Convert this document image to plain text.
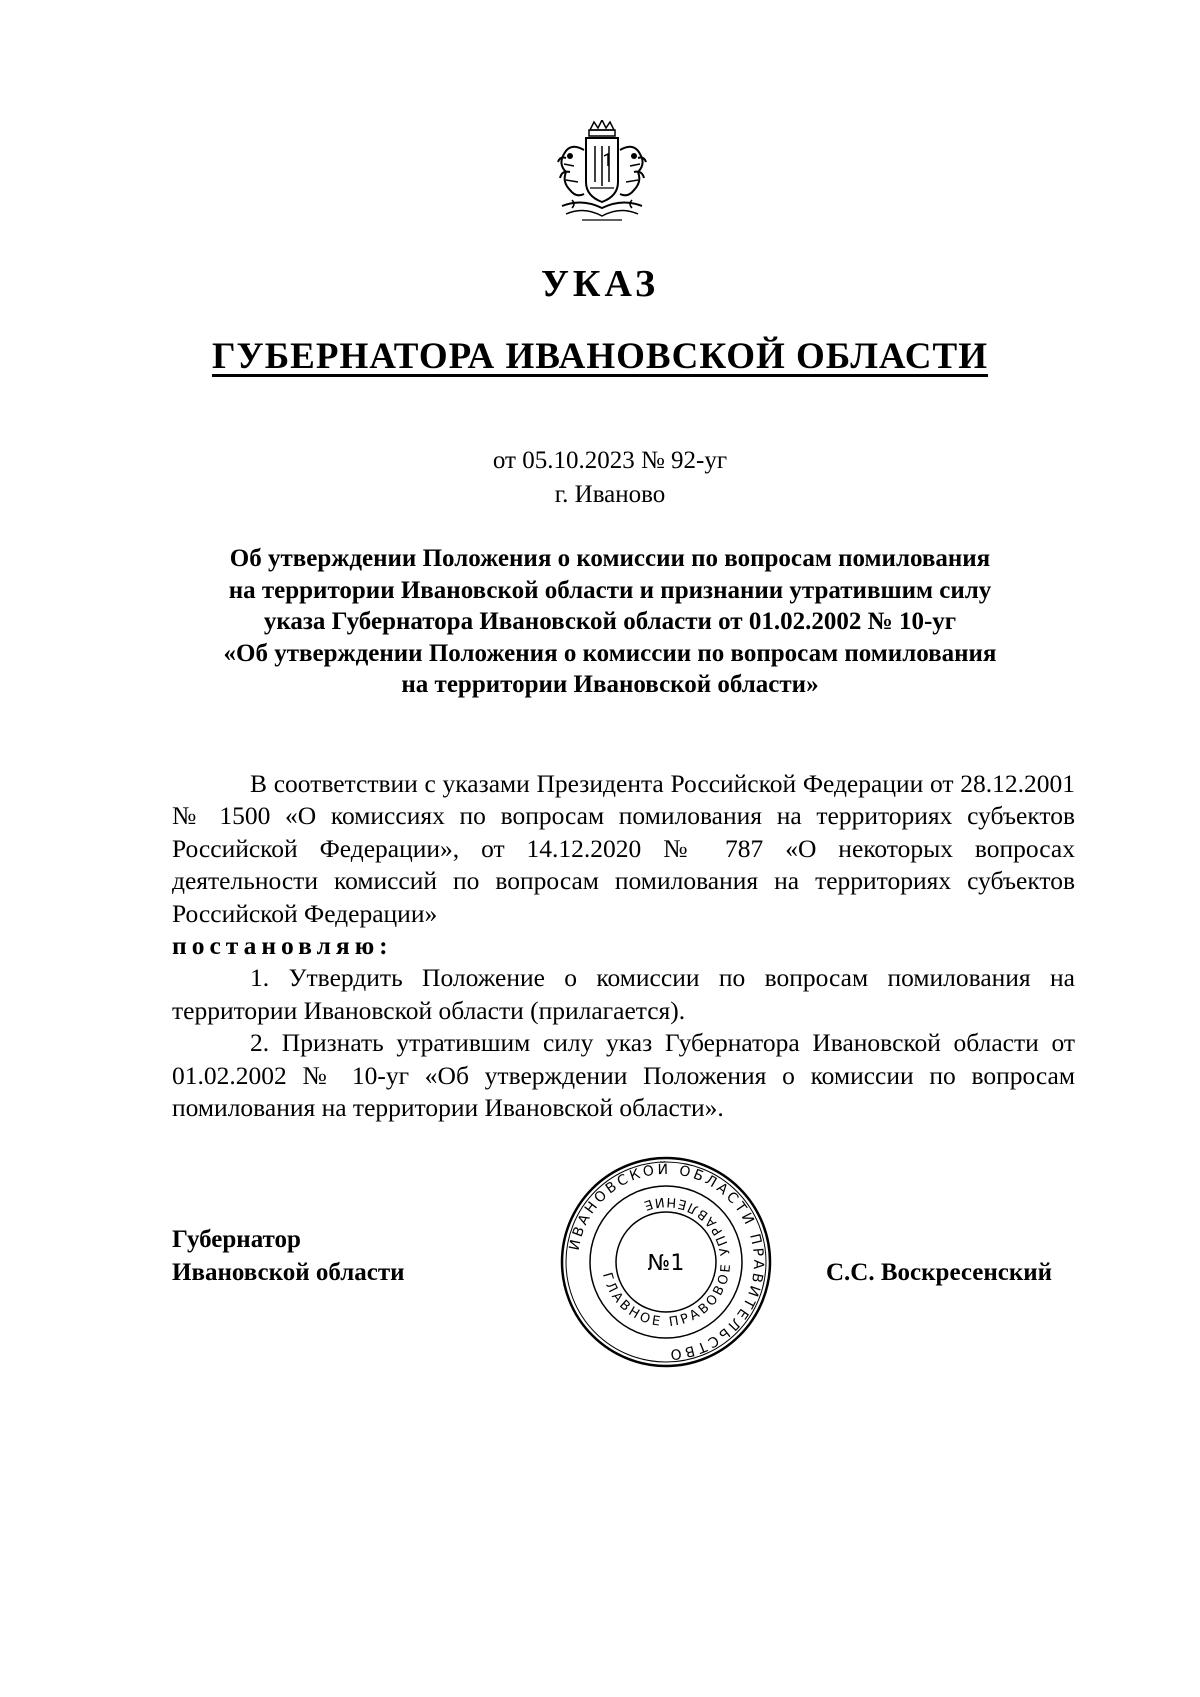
УКАЗ
ГУБЕРНАТОРА ИВАНОВСКОЙ ОБЛАСТИ
от 05.10.2023 № 92-уг
г. Иваново
Об утверждении Положения о комиссии по вопросам помилования
на территории Ивановской области и признании утратившим силу
указа Губернатора Ивановской области от 01.02.2002 № 10-уг
«Об утверждении Положения о комиссии по вопросам помилования
на территории Ивановской области»

В соответствии с указами Президента Российской Федерации от 28.12.2001 № 1500 «О комиссиях по вопросам помилования на территориях субъектов Российской Федерации», от 14.12.2020 № 787 «О некоторых вопросах деятельности комиссий по вопросам помилования на территориях субъектов Российской Федерации»

постановляю:

1. Утвердить Положение о комиссии по вопросам помилования на территории Ивановской области (прилагается).

2. Признать утратившим силу указ Губернатора Ивановской области от 01.02.2002 № 10-уг «Об утверждении Положения о комиссии по вопросам помилования на территории Ивановской области».

Губернатор
Ивановской области
ИВАНОВСКОЙ ОБЛАСТИ ПРАВИТЕЛЬСТВО
ГЛАВНОЕ ПРАВОВОЕ УПРАВЛЕНИЕ
№1	С.С. Воскресенский
